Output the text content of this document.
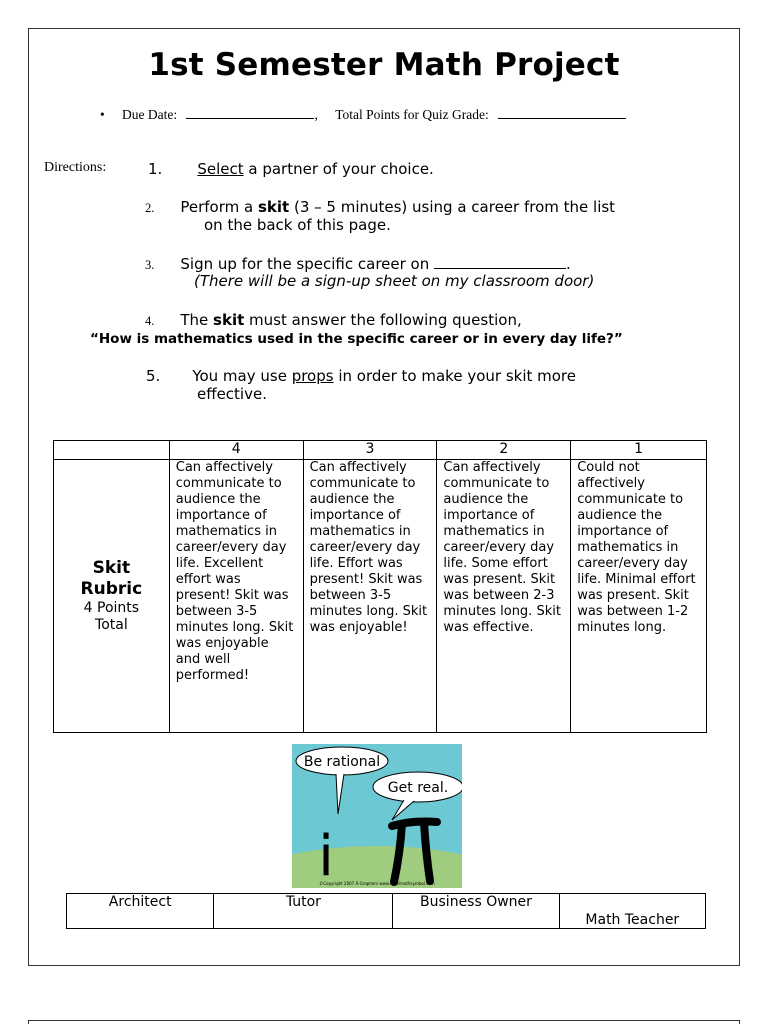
1st Semester Math Project
• Due Date:	, Total Points for Quiz Grade:
Directions:	1. Select a partner of your choice.
2. Perform a skit (3 – 5 minutes) using a career from the list
on the back of this page.
3. Sign up for the specific career on	.
(There will be a sign-up sheet on my classroom door)
4. The skit must answer the following question,
“How is mathematics used in the specific career or in every day life?”
5. You may use props in order to make your skit more
effective.
	4	3	2	1

Skit Rubric
4 Points
Total	Can affectively communicate to audience the importance of mathematics in career/every day life. Excellent effort was present! Skit was between 3-5 minutes long. Skit was enjoyable and well performed!	Can affectively communicate to audience the importance of mathematics in career/every day life. Effort was present! Skit was between 3-5 minutes long. Skit was enjoyable!	Can affectively communicate to audience the importance of mathematics in career/every day life. Some effort was present. Skit was between 2-3 minutes long. Skit was effective.	Could not affectively communicate to audience the importance of mathematics in career/every day life. Minimal effort was present. Skit was between 1-2 minutes long.
Be rational
Get real.
i
©Copyright 2007 X-Graphers www.ravelmathsymbol.com
Architect	Tutor	Business Owner	Math Teacher
